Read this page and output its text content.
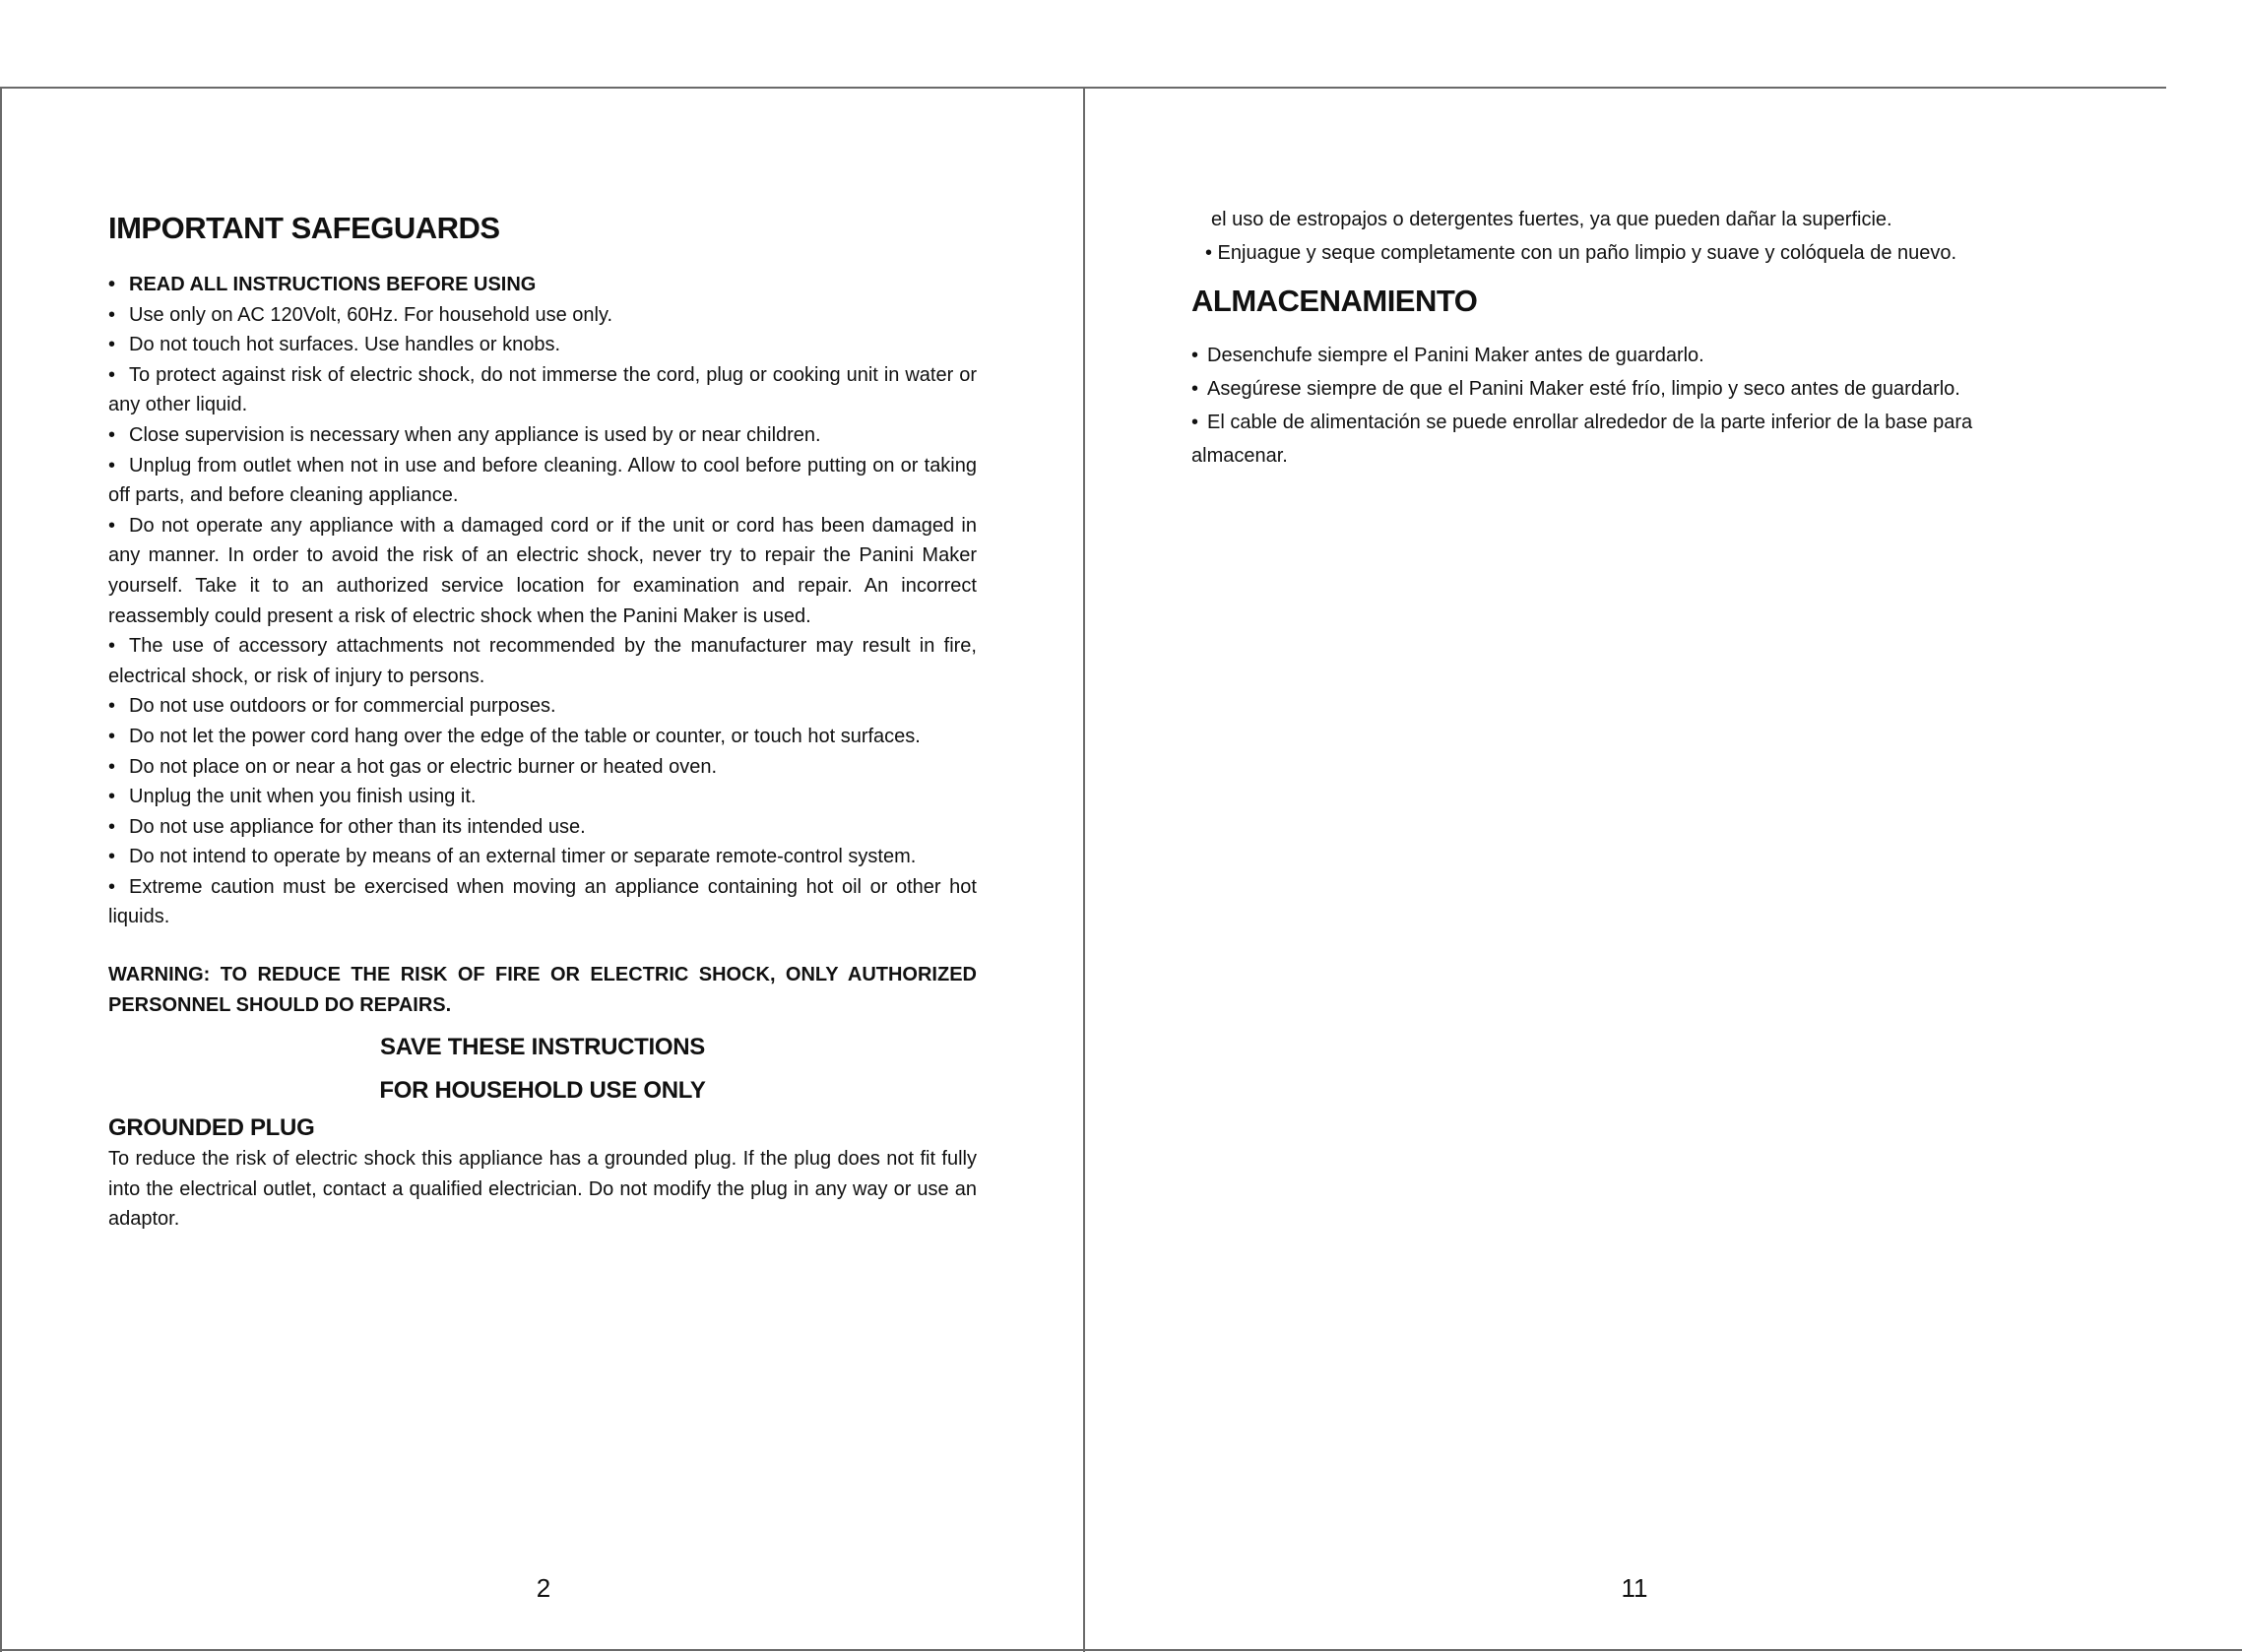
IMPORTANT SAFEGUARDS
• READ ALL INSTRUCTIONS BEFORE USING
• Use only on AC 120Volt, 60Hz. For household use only.
• Do not touch hot surfaces. Use handles or knobs.
• To protect against risk of electric shock, do not immerse the cord, plug or cooking unit in water or any other liquid.
• Close supervision is necessary when any appliance is used by or near children.
• Unplug from outlet when not in use and before cleaning. Allow to cool before putting on or taking off parts, and before cleaning appliance.
• Do not operate any appliance with a damaged cord or if the unit or cord has been damaged in any manner. In order to avoid the risk of an electric shock, never try to repair the Panini Maker yourself. Take it to an authorized service location for examination and repair. An incorrect reassembly could present a risk of electric shock when the Panini Maker is used.
• The use of accessory attachments not recommended by the manufacturer may result in fire, electrical shock, or risk of injury to persons.
• Do not use outdoors or for commercial purposes.
• Do not let the power cord hang over the edge of the table or counter, or touch hot surfaces.
• Do not place on or near a hot gas or electric burner or heated oven.
• Unplug the unit when you finish using it.
• Do not use appliance for other than its intended use.
• Do not intend to operate by means of an external timer or separate remote-control system.
• Extreme caution must be exercised when moving an appliance containing hot oil or other hot liquids.

WARNING: TO REDUCE THE RISK OF FIRE OR ELECTRIC SHOCK, ONLY AUTHORIZED PERSONNEL SHOULD DO REPAIRS.

SAVE THESE INSTRUCTIONS

FOR HOUSEHOLD USE ONLY

GROUNDED PLUG

To reduce the risk of electric shock this appliance has a grounded plug. If the plug does not fit fully into the electrical outlet, contact a qualified electrician. Do not modify the plug in any way or use an adaptor.

2
el uso de estropajos o detergentes fuertes, ya que pueden dañar la superficie.
• Enjuague y seque completamente con un paño limpio y suave y colóquela de nuevo.
ALMACENAMIENTO
• Desenchufe siempre el Panini Maker antes de guardarlo.
• Asegúrese siempre de que el Panini Maker esté frío, limpio y seco antes de guardarlo.
• El cable de alimentación se puede enrollar alrededor de la parte inferior de la base para almacenar.
11
